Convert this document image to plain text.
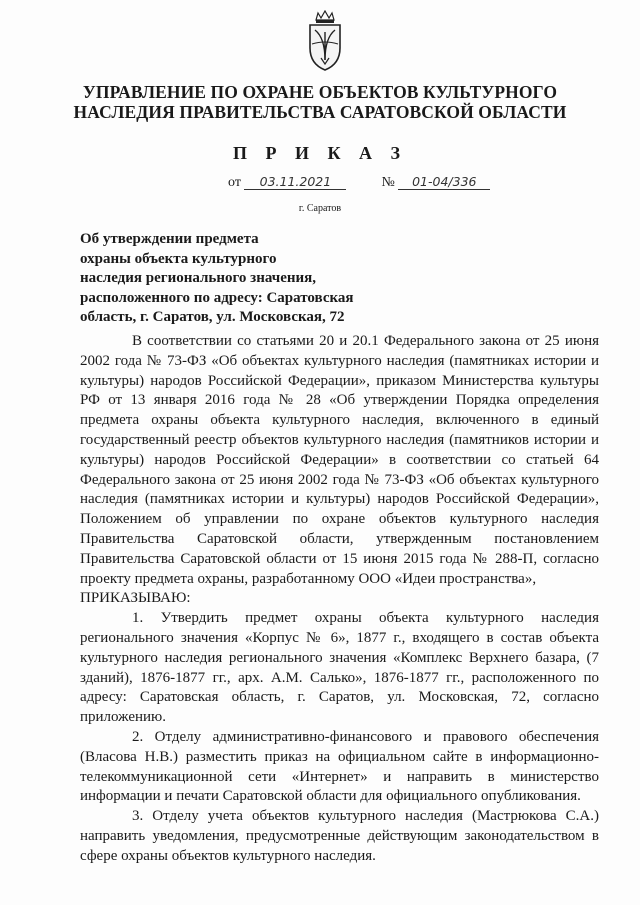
УПРАВЛЕНИЕ ПО ОХРАНЕ ОБЪЕКТОВ КУЛЬТУРНОГО
НАСЛЕДИЯ ПРАВИТЕЛЬСТВА САРАТОВСКОЙ ОБЛАСТИ
П Р И К А З
от 03.11.2021	№ 01-04/336
г. Саратов
Об утверждении предмета
охраны объекта культурного
наследия регионального значения,
расположенного по адресу: Саратовская
область, г. Саратов, ул. Московская, 72

В соответствии со статьями 20 и 20.1 Федерального закона от 25 июня 2002 года № 73-ФЗ «Об объектах культурного наследия (памятниках истории и культуры) народов Российской Федерации», приказом Министерства культуры РФ от 13 января 2016 года № 28 «Об утверждении Порядка определения предмета охраны объекта культурного наследия, включенного в единый государственный реестр объектов культурного наследия (памятников истории и культуры) народов Российской Федерации» в соответствии со статьей 64 Федерального закона от 25 июня 2002 года № 73-ФЗ «Об объектах культурного наследия (памятниках истории и культуры) народов Российской Федерации», Положением об управлении по охране объектов культурного наследия Правительства Саратовской области, утвержденным постановлением Правительства Саратовской области от 15 июня 2015 года № 288-П, согласно проекту предмета охраны, разработанному ООО «Идеи пространства»,

ПРИКАЗЫВАЮ:

1. Утвердить предмет охраны объекта культурного наследия регионального значения «Корпус № 6», 1877 г., входящего в состав объекта культурного наследия регионального значения «Комплекс Верхнего базара, (7 зданий), 1876-1877 гг., арх. А.М. Салько», 1876-1877 гг., расположенного по адресу: Саратовская область, г. Саратов, ул. Московская, 72, согласно приложению.

2. Отделу административно-финансового и правового обеспечения (Власова Н.В.) разместить приказ на официальном сайте в информационно-телекоммуникационной сети «Интернет» и направить в министерство информации и печати Саратовской области для официального опубликования.

3. Отделу учета объектов культурного наследия (Мастрюкова С.А.) направить уведомления, предусмотренные действующим законодательством в сфере охраны объектов культурного наследия.
